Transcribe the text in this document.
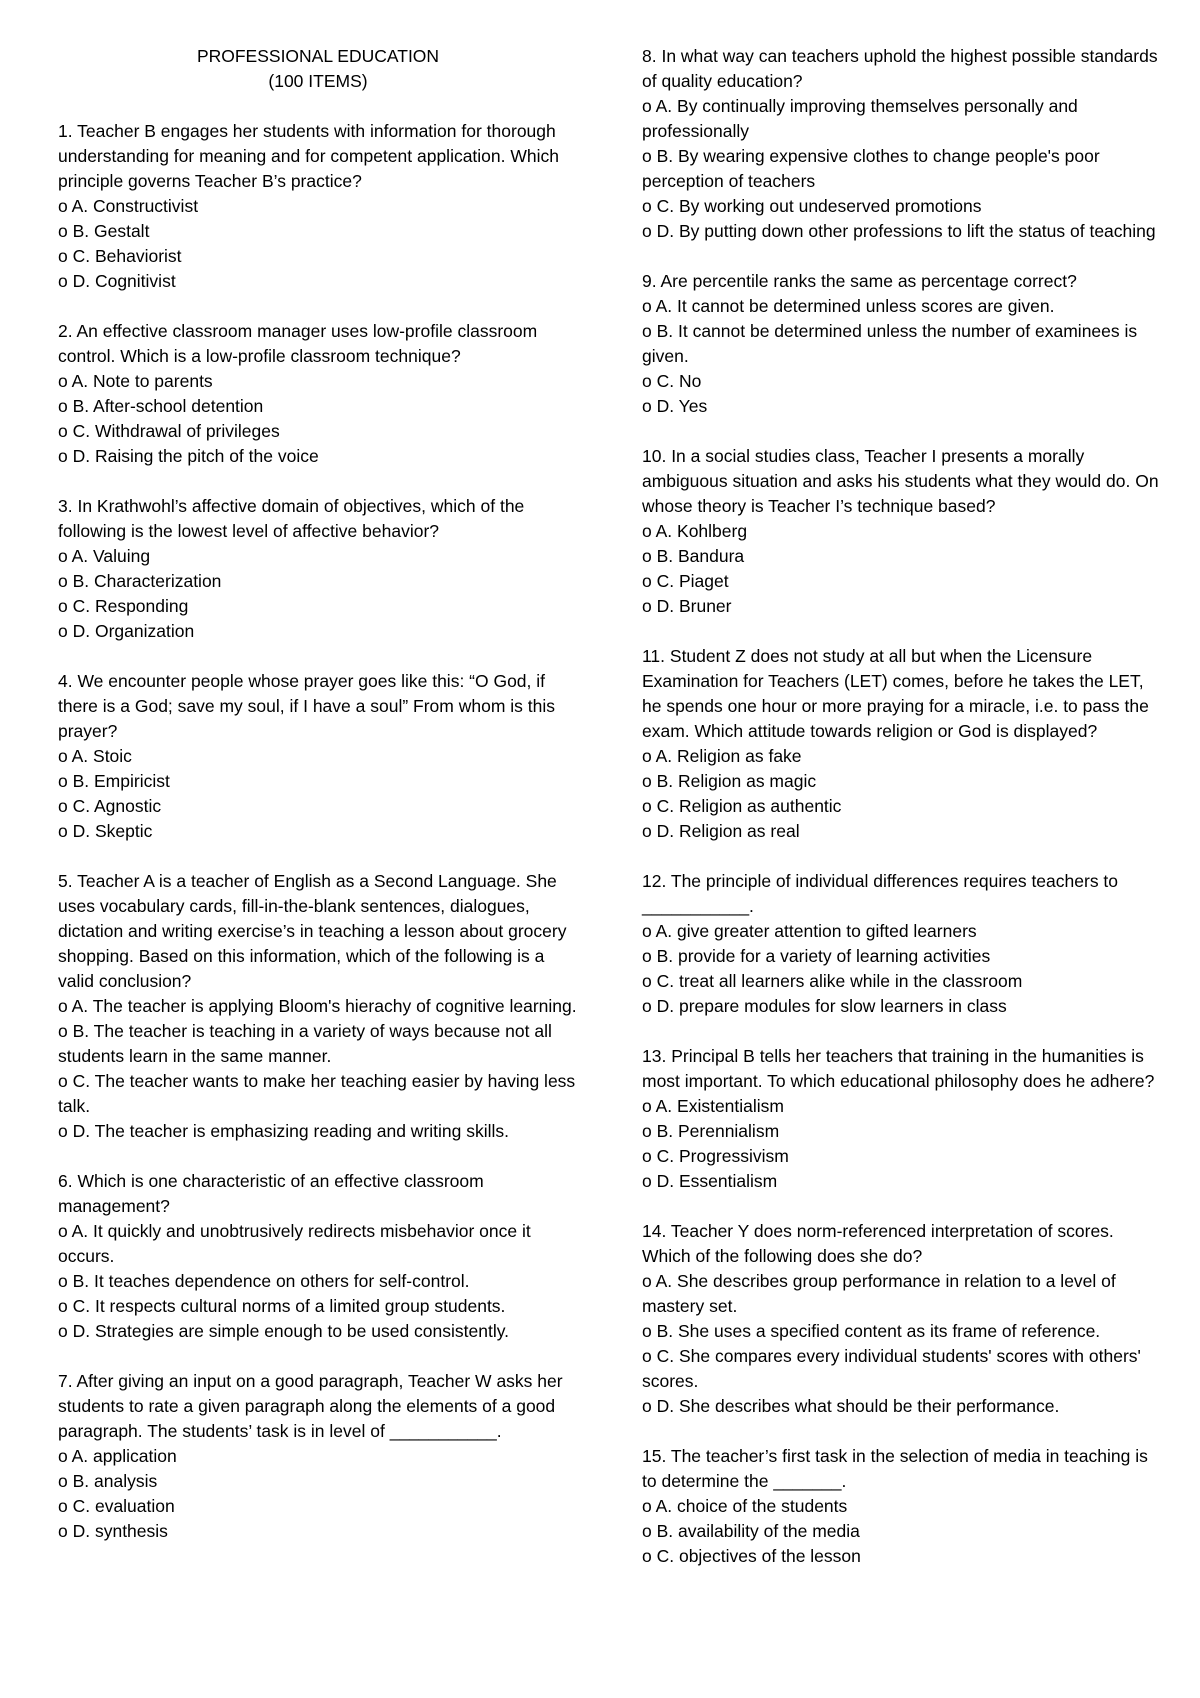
PROFESSIONAL EDUCATION
(100 ITEMS)
1. Teacher B engages her students with information for thorough understanding for meaning and for competent application. Which principle governs Teacher B’s practice?
o A. Constructivist
o B. Gestalt
o C. Behaviorist
o D. Cognitivist
2. An effective classroom manager uses low-profile classroom control. Which is a low-profile classroom technique?
o A. Note to parents
o B. After-school detention
o C. Withdrawal of privileges
o D. Raising the pitch of the voice
3. In Krathwohl’s affective domain of objectives, which of the following is the lowest level of affective behavior?
o A. Valuing
o B. Characterization
o C. Responding
o D. Organization
4. We encounter people whose prayer goes like this: “O God, if there is a God; save my soul, if I have a soul” From whom is this prayer?
o A. Stoic
o B. Empiricist
o C. Agnostic
o D. Skeptic
5. Teacher A is a teacher of English as a Second Language. She uses vocabulary cards, fill-in-the-blank sentences, dialogues, dictation and writing exercise’s in teaching a lesson about grocery shopping. Based on this information, which of the following is a valid conclusion?
o A. The teacher is applying Bloom's hierachy of cognitive learning.
o B. The teacher is teaching in a variety of ways because not all students learn in the same manner.
o C. The teacher wants to make her teaching easier by having less talk.
o D. The teacher is emphasizing reading and writing skills.
6. Which is one characteristic of an effective classroom management?
o A. It quickly and unobtrusively redirects misbehavior once it occurs.
o B. It teaches dependence on others for self-control.
o C. It respects cultural norms of a limited group students.
o D. Strategies are simple enough to be used consistently.
7. After giving an input on a good paragraph, Teacher W asks her students to rate a given paragraph along the elements of a good paragraph. The students’ task is in level of ___________.
o A. application
o B. analysis
o C. evaluation
o D. synthesis
8. In what way can teachers uphold the highest possible standards of quality education?
o A. By continually improving themselves personally and professionally
o B. By wearing expensive clothes to change people's poor perception of teachers
o C. By working out undeserved promotions
o D. By putting down other professions to lift the status of teaching
9. Are percentile ranks the same as percentage correct?
o A. It cannot be determined unless scores are given.
o B. It cannot be determined unless the number of examinees is given.
o C. No
o D. Yes
10. In a social studies class, Teacher I presents a morally ambiguous situation and asks his students what they would do. On whose theory is Teacher I’s technique based?
o A. Kohlberg
o B. Bandura
o C. Piaget
o D. Bruner
11. Student Z does not study at all but when the Licensure Examination for Teachers (LET) comes, before he takes the LET, he spends one hour or more praying for a miracle, i.e. to pass the exam. Which attitude towards religion or God is displayed?
o A. Religion as fake
o B. Religion as magic
o C. Religion as authentic
o D. Religion as real
12. The principle of individual differences requires teachers to ___________.
o A. give greater attention to gifted learners
o B. provide for a variety of learning activities
o C. treat all learners alike while in the classroom
o D. prepare modules for slow learners in class
13. Principal B tells her teachers that training in the humanities is most important. To which educational philosophy does he adhere?
o A. Existentialism
o B. Perennialism
o C. Progressivism
o D. Essentialism
14. Teacher Y does norm-referenced interpretation of scores. Which of the following does she do?
o A. She describes group performance in relation to a level of mastery set.
o B. She uses a specified content as its frame of reference.
o C. She compares every individual students' scores with others' scores.
o D. She describes what should be their performance.
15. The teacher’s first task in the selection of media in teaching is to determine the _______.
o A. choice of the students
o B. availability of the media
o C. objectives of the lesson
